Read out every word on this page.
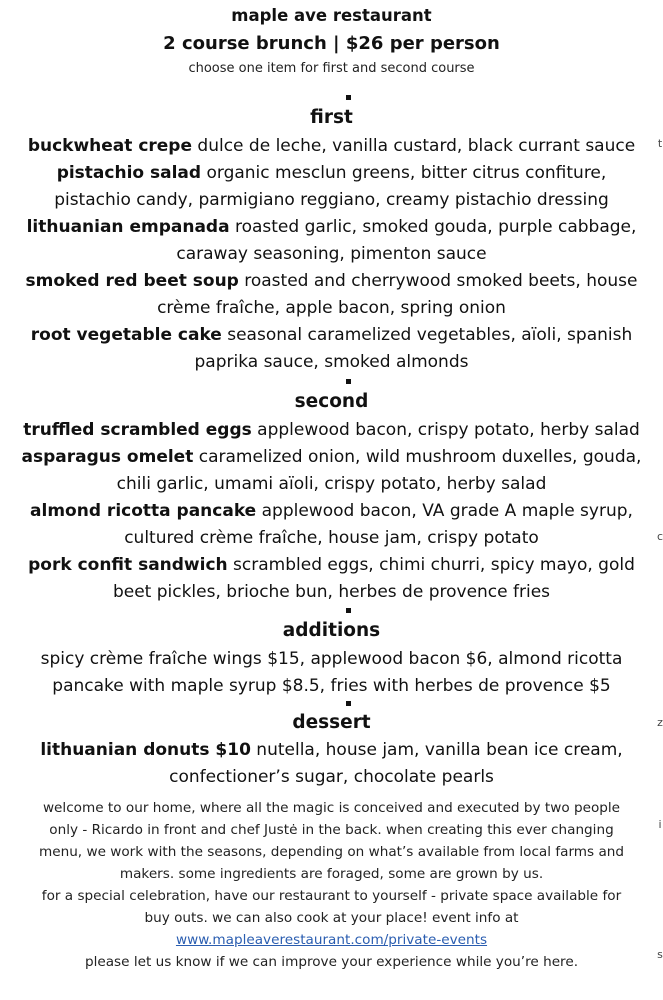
maple ave restaurant
2 course brunch | $26 per person
choose one item for first and second course
first
buckwheat crepe dulce de leche, vanilla custard, black currant sauce
pistachio salad organic mesclun greens, bitter citrus confiture, pistachio candy, parmigiano reggiano, creamy pistachio dressing
lithuanian empanada roasted garlic, smoked gouda, purple cabbage, caraway seasoning, pimenton sauce
smoked red beet soup roasted and cherrywood smoked beets, house crème fraîche, apple bacon, spring onion
root vegetable cake seasonal caramelized vegetables, aïoli, spanish paprika sauce, smoked almonds
second
truffled scrambled eggs applewood bacon, crispy potato, herby salad
asparagus omelet caramelized onion, wild mushroom duxelles, gouda, chili garlic, umami aïoli, crispy potato, herby salad
almond ricotta pancake applewood bacon, VA grade A maple syrup, cultured crème fraîche, house jam, crispy potato
pork confit sandwich scrambled eggs, chimi churri, spicy mayo, gold beet pickles, brioche bun, herbes de provence fries
additions
spicy crème fraîche wings $15, applewood bacon $6, almond ricotta pancake with maple syrup $8.5, fries with herbes de provence $5
dessert
lithuanian donuts $10 nutella, house jam, vanilla bean ice cream, confectioner’s sugar, chocolate pearls

welcome to our home, where all the magic is conceived and executed by two people only - Ricardo in front and chef Justė in the back. when creating this ever changing menu, we work with the seasons, depending on what’s available from local farms and makers. some ingredients are foraged, some are grown by us.

for a special celebration, have our restaurant to yourself - private space available for buy outs. we can also cook at your place! event info at

www.mapleaverestaurant.com/private-events

please let us know if we can improve your experience while you’re here.

t
c
z
i
s
